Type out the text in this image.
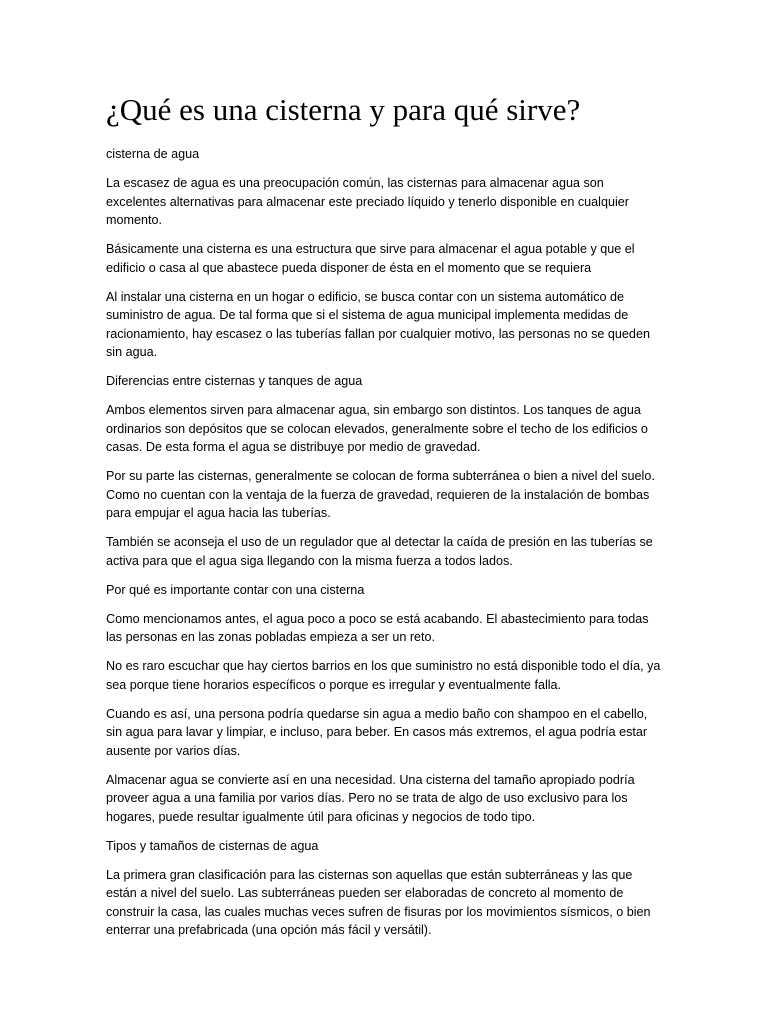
¿Qué es una cisterna y para qué sirve?

cisterna de agua

La escasez de agua es una preocupación común, las cisternas para almacenar agua son excelentes alternativas para almacenar este preciado líquido y tenerlo disponible en cualquier momento.

Básicamente una cisterna es una estructura que sirve para almacenar el agua potable y que el edificio o casa al que abastece pueda disponer de ésta en el momento que se requiera

Al instalar una cisterna en un hogar o edificio, se busca contar con un sistema automático de suministro de agua. De tal forma que si el sistema de agua municipal implementa medidas de racionamiento, hay escasez o las tuberías fallan por cualquier motivo, las personas no se queden sin agua.

Diferencias entre cisternas y tanques de agua

Ambos elementos sirven para almacenar agua, sin embargo son distintos. Los tanques de agua ordinarios son depósitos que se colocan elevados, generalmente sobre el techo de los edificios o casas. De esta forma el agua se distribuye por medio de gravedad.

Por su parte las cisternas, generalmente se colocan de forma subterránea o bien a nivel del suelo. Como no cuentan con la ventaja de la fuerza de gravedad, requieren de la instalación de bombas para empujar el agua hacia las tuberías.

También se aconseja el uso de un regulador que al detectar la caída de presión en las tuberías se activa para que el agua siga llegando con la misma fuerza a todos lados.

Por qué es importante contar con una cisterna

Como mencionamos antes, el agua poco a poco se está acabando. El abastecimiento para todas las personas en las zonas pobladas empieza a ser un reto.

No es raro escuchar que hay ciertos barrios en los que suministro no está disponible todo el día, ya sea porque tiene horarios específicos o porque es irregular y eventualmente falla.

Cuando es así, una persona podría quedarse sin agua a medio baño con shampoo en el cabello, sin agua para lavar y limpiar, e incluso, para beber. En casos más extremos, el agua podría estar ausente por varios días.

Almacenar agua se convierte así en una necesidad. Una cisterna del tamaño apropiado podría proveer agua a una familia por varios días. Pero no se trata de algo de uso exclusivo para los hogares, puede resultar igualmente útil para oficinas y negocios de todo tipo.

Tipos y tamaños de cisternas de agua

La primera gran clasificación para las cisternas son aquellas que están subterráneas y las que están a nivel del suelo. Las subterráneas pueden ser elaboradas de concreto al momento de construir la casa, las cuales muchas veces sufren de fisuras por los movimientos sísmicos, o bien enterrar una prefabricada (una opción más fácil y versátil).
